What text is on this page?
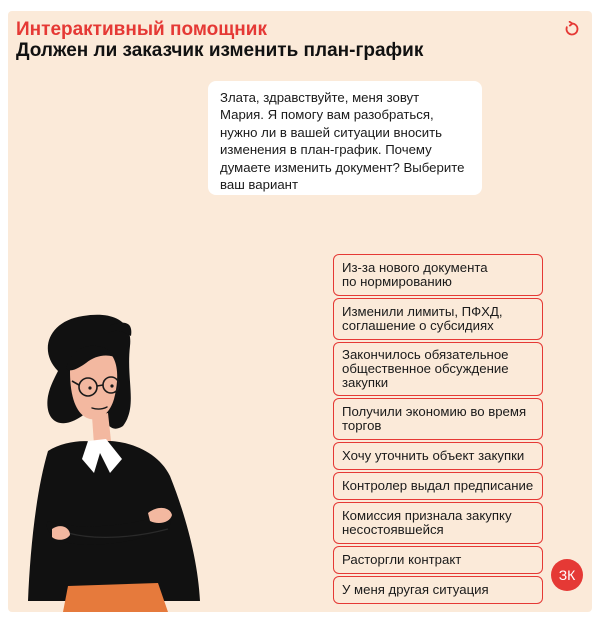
Интерактивный помощник
Должен ли заказчик изменить план-график
Злата, здравствуйте, меня зовут
Мария. Я помогу вам разобраться,
нужно ли в вашей ситуации вносить
изменения в план-график. Почему
думаете изменить документ? Выберите
ваш вариант
Из-за нового документа
по нормированию
Изменили лимиты, ПФХД,
соглашение о субсидиях
Закончилось обязательное
общественное обсуждение
закупки
Получили экономию во время
торгов
Хочу уточнить объект закупки
Контролер выдал предписание
Комиссия признала закупку
несостоявшейся
Расторгли контракт
У меня другая ситуация
ЗК
